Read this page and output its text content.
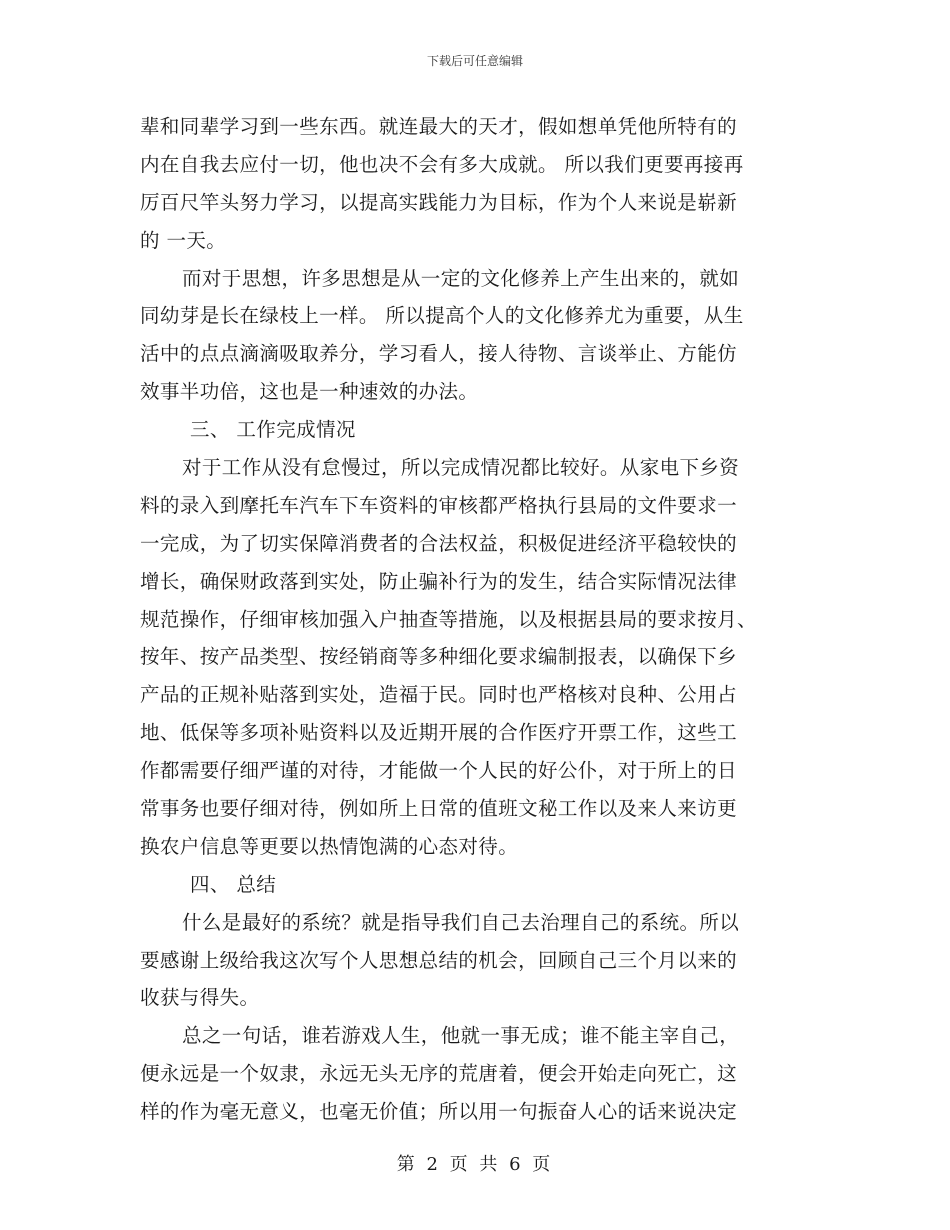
下载后可任意编辑
辈和同辈学习到一些东西。就连最大的天才，假如想单凭他所特有的
内在自我去应付一切，他也决不会有多大成就。 所以我们更要再接再
厉百尺竿头努力学习，以提高实践能力为目标，作为个人来说是崭新
的 一天。
而对于思想，许多思想是从一定的文化修养上产生出来的，就如
同幼芽是长在绿枝上一样。 所以提高个人的文化修养尤为重要，从生
活中的点点滴滴吸取养分，学习看人，接人待物、言谈举止、方能仿
效事半功倍，这也是一种速效的办法。
三、 工作完成情况
对于工作从没有怠慢过，所以完成情况都比较好。从家电下乡资
料的录入到摩托车汽车下车资料的审核都严格执行县局的文件要求一
一完成，为了切实保障消费者的合法权益，积极促进经济平稳较快的
增长，确保财政落到实处，防止骗补行为的发生，结合实际情况法律
规范操作，仔细审核加强入户抽查等措施，以及根据县局的要求按月、
按年、按产品类型、按经销商等多种细化要求编制报表，以确保下乡
产品的正规补贴落到实处，造福于民。同时也严格核对良种、公用占
地、低保等多项补贴资料以及近期开展的合作医疗开票工作，这些工
作都需要仔细严谨的对待，才能做一个人民的好公仆，对于所上的日
常事务也要仔细对待，例如所上日常的值班文秘工作以及来人来访更
换农户信息等更要以热情饱满的心态对待。
四、 总结
什么是最好的系统？就是指导我们自己去治理自己的系统。所以
要感谢上级给我这次写个人思想总结的机会，回顾自己三个月以来的
收获与得失。
总之一句话，谁若游戏人生，他就一事无成；谁不能主宰自己，
便永远是一个奴隶，永远无头无序的荒唐着，便会开始走向死亡，这
样的作为毫无意义，也毫无价值；所以用一句振奋人心的话来说决定
第 2 页 共 6 页
